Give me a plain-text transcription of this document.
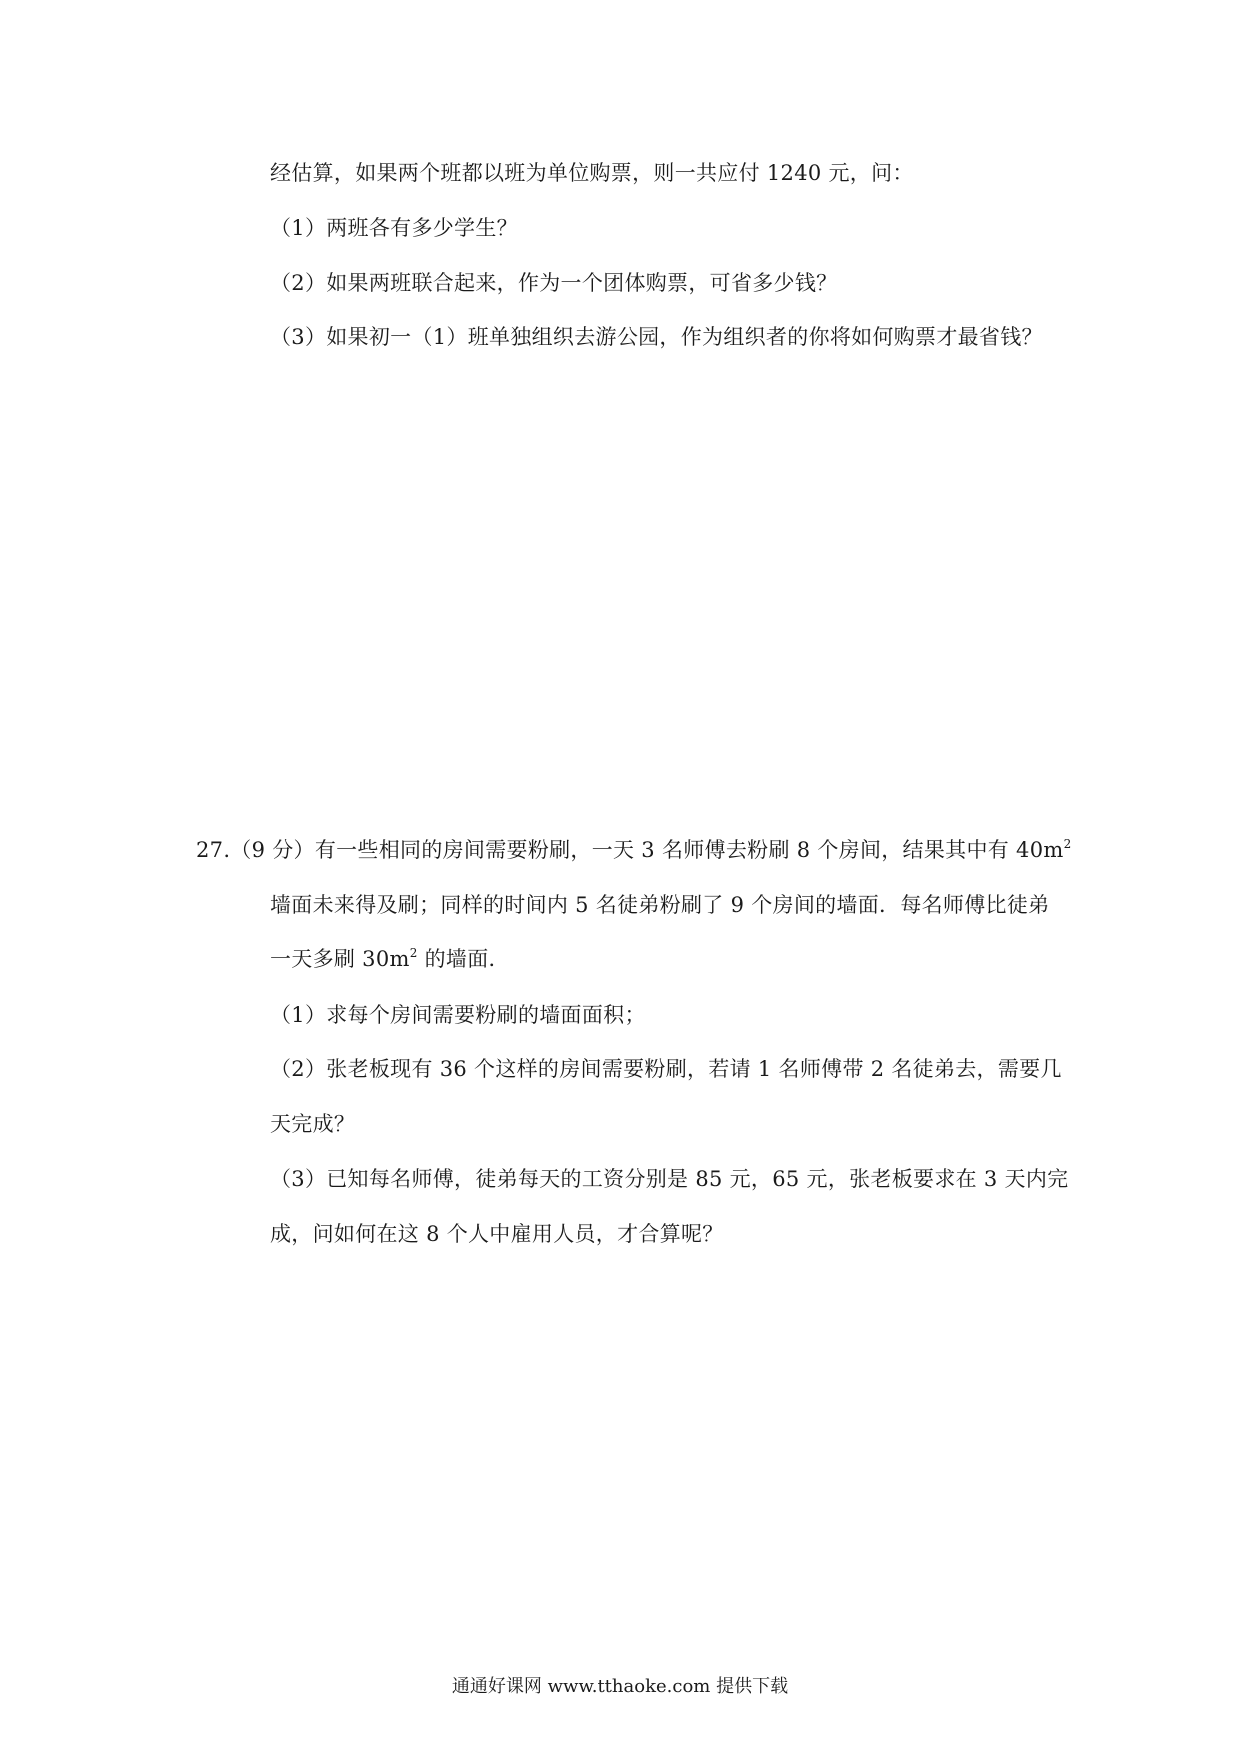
经估算，如果两个班都以班为单位购票，则一共应付 1240 元，问：
（1）两班各有多少学生？
（2）如果两班联合起来，作为一个团体购票，可省多少钱？
（3）如果初一（1）班单独组织去游公园，作为组织者的你将如何购票才最省钱？
27.（9 分）有一些相同的房间需要粉刷，一天 3 名师傅去粉刷 8 个房间，结果其中有 $40m^2$
墙面未来得及刷；同样的时间内 5 名徒弟粉刷了 9 个房间的墙面．每名师傅比徒弟
一天多刷 $30m^2$ 的墙面．
（1）求每个房间需要粉刷的墙面面积；
（2）张老板现有 36 个这样的房间需要粉刷，若请 1 名师傅带 2 名徒弟去，需要几
天完成？
（3）已知每名师傅，徒弟每天的工资分别是 85 元，65 元，张老板要求在 3 天内完
成，问如何在这 8 个人中雇用人员，才合算呢？
通通好课网 www.tthaoke.com 提供下载
